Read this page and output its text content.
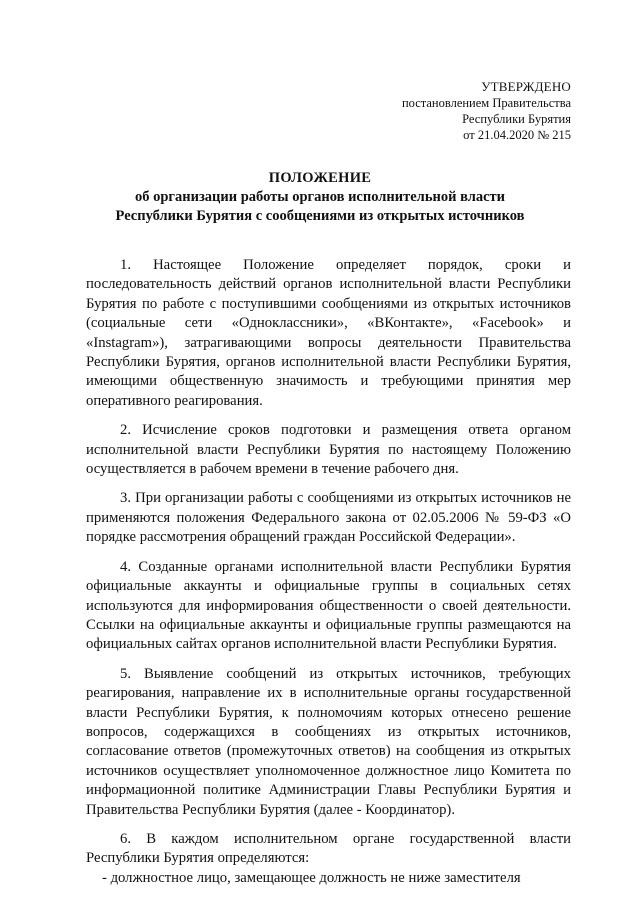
УТВЕРЖДЕНО
постановлением Правительства
Республики Бурятия
от 21.04.2020 № 215
ПОЛОЖЕНИЕ
об организации работы органов исполнительной власти
Республики Бурятия с сообщениями из открытых источников

1. Настоящее Положение определяет порядок, сроки и последовательность действий органов исполнительной власти Республики Бурятия по работе с поступившими сообщениями из открытых источников (социальные сети «Одноклассники», «ВКонтакте», «Facebook» и «Instagram»), затрагивающими вопросы деятельности Правительства Республики Бурятия, органов исполнительной власти Республики Бурятия, имеющими общественную значимость и требующими принятия мер оперативного реагирования.

2. Исчисление сроков подготовки и размещения ответа органом исполнительной власти Республики Бурятия по настоящему Положению осуществляется в рабочем времени в течение рабочего дня.

3. При организации работы с сообщениями из открытых источников не применяются положения Федерального закона от 02.05.2006 № 59-ФЗ «О порядке рассмотрения обращений граждан Российской Федерации».

4. Созданные органами исполнительной власти Республики Бурятия официальные аккаунты и официальные группы в социальных сетях используются для информирования общественности о своей деятельности. Ссылки на официальные аккаунты и официальные группы размещаются на официальных сайтах органов исполнительной власти Республики Бурятия.

5. Выявление сообщений из открытых источников, требующих реагирования, направление их в исполнительные органы государственной власти Республики Бурятия, к полномочиям которых отнесено решение вопросов, содержащихся в сообщениях из открытых источников, согласование ответов (промежуточных ответов) на сообщения из открытых источников осуществляет уполномоченное должностное лицо Комитета по информационной политике Администрации Главы Республики Бурятия и Правительства Республики Бурятия (далее - Координатор).

6. В каждом исполнительном органе государственной власти Республики Бурятия определяются:

- должностное лицо, замещающее должность не ниже заместителя
